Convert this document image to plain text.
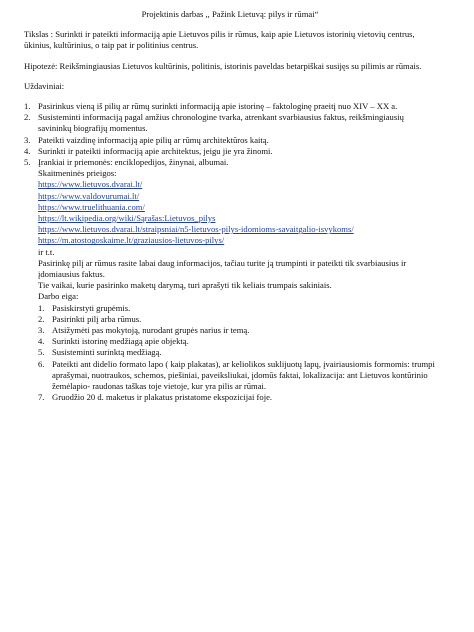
Projektinis darbas ,, Pažink Lietuvą: pilys ir rūmai“

Tikslas : Surinkti ir pateikti informaciją apie Lietuvos pilis ir rūmus, kaip apie Lietuvos istorinių vietovių centrus, ūkinius, kultūrinius, o taip pat ir politinius centrus.

Hipotezė: Reikšmingiausias Lietuvos kultūrinis, politinis, istorinis paveldas betarpiškai susijęs su pilimis ar rūmais.

Uždaviniai:

1. Pasirinkus vieną iš pilių ar rūmų surinkti informaciją apie istorinę – faktologinę praeitį nuo XIV – XX a.
2. Susisteminti informaciją pagal amžius chronologine tvarka, atrenkant svarbiausius faktus, reikšmingiausių savininkų biografijų momentus.
3. Pateikti vaizdinę informaciją apie pilių ar rūmų architektūros kaitą.
4. Surinkti ir pateikti informaciją apie architektus, jeigu jie yra žinomi.
5. Įrankiai ir priemonės: enciklopedijos, žinynai, albumai.

Skaitmeninės prieigos:

https://www.lietuvos.dvarai.lt/
https://www.valdovurumai.lt/
https://www.truelithuania.com/
https://lt.wikipedia.org/wiki/Sąrašas:Lietuvos_pilys
https://www.lietuvos.dvarai.lt/straipsniai/n5-lietuvos-pilys-idomioms-savaitgalio-isvykoms/
https://m.atostogoskaime.lt/graziausios-lietuvos-pilys/

ir t.t.

Pasirinkę pilį ar rūmus rasite labai daug informacijos, tačiau turite ją trumpinti ir pateikti tik svarbiausius ir įdomiausius faktus.

Tie vaikai, kurie pasirinko maketų darymą, turi aprašyti tik keliais trumpais sakiniais.

Darbo eiga:

1. Pasiskirstyti grupėmis.
2. Pasirinkti pilį arba rūmus.
3. Atsižymėti pas mokytoją, nurodant grupės narius ir temą.
4. Surinkti istorinę medžiagą apie objektą.
5. Susisteminti surinktą medžiagą.
6. Pateikti ant didelio formato lapo ( kaip plakatas), ar keliolikos suklijuotų lapų, įvairiausiomis formomis: trumpi aprašymai, nuotraukos, schemos, piešiniai, paveiksliukai, įdomūs faktai, lokalizacija: ant Lietuvos kontūrinio žemėlapio- raudonas taškas toje vietoje, kur yra pilis ar rūmai.
7. Gruodžio 20 d. maketus ir plakatus pristatome ekspozicijai foje.
